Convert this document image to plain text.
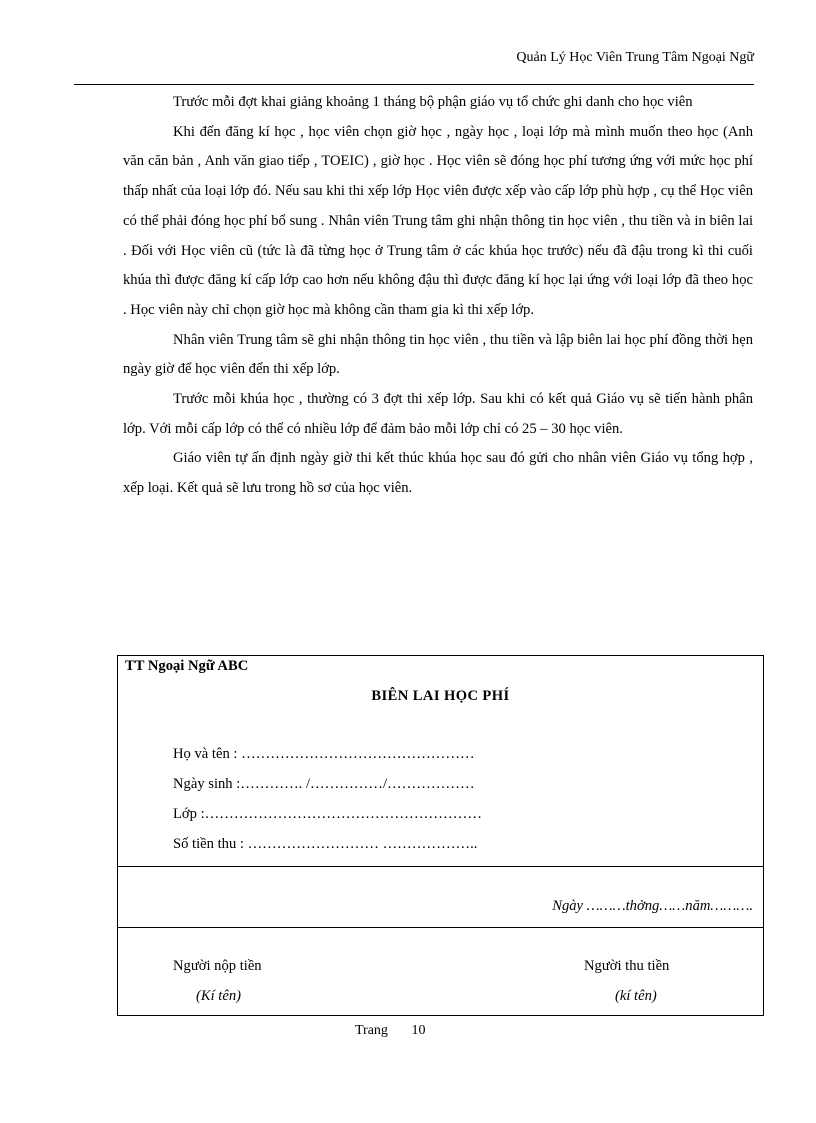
Quản Lý Học Viên Trung Tâm Ngoại Ngữ

Trước mỗi đợt khai giảng khoảng 1 tháng bộ phận giáo vụ tổ chức ghi danh cho học viên

Khi đến đăng kí học , học viên chọn giờ học , ngày học , loại lớp mà mình muốn theo học (Anh văn căn bản , Anh văn giao tiếp , TOEIC) , giờ học . Học viên sẽ đóng học phí tương ứng với mức học phí thấp nhất của loại lớp đó. Nếu sau khi thi xếp lớp Học viên được xếp vào cấp lớp phù hợp , cụ thể Học viên có thể phải đóng học phí bổ sung . Nhân viên Trung tâm ghi nhận thông tin học viên , thu tiền và in biên lai . Đối với Học viên cũ (tức là đã từng học ở Trung tâm ở các khúa học trước) nếu đã đậu trong kì thi cuối khúa thì được đăng kí cấp lớp cao hơn nếu không đậu thì được đăng kí học lại ứng với loại lớp đã theo học . Học viên này chỉ chọn giờ học mà không cần tham gia kì thi xếp lớp.

Nhân viên Trung tâm sẽ ghi nhận thông tin học viên , thu tiền và lập biên lai học phí đồng thời hẹn ngày giờ để học viên đến thi xếp lớp.

Trước mỗi khúa học , thường có 3 đợt thi xếp lớp. Sau khi có kết quả Giáo vụ sẽ tiến hành phân lớp. Với mỗi cấp lớp có thể có nhiều lớp để đảm bảo mỗi lớp chỉ có 25 – 30 học viên.

Giáo viên tự ấn định ngày giờ thi kết thúc khúa học sau đó gửi cho nhân viên Giáo vụ tổng hợp , xếp loại. Kết quả sẽ lưu trong hồ sơ của học viên.

TT Ngoại Ngữ ABC
BIÊN LAI HỌC PHÍ
Họ và tên : …………………………………………
Ngày sinh :…………. /……………/………………
Lớp :…………………………………………………
Số tiền thu : ……………………… ………………..
Ngày ………thởng……năm……….
Người nộp tiền
(Kí tên)
Người thu tiền
(kí tên)
Trang 10
